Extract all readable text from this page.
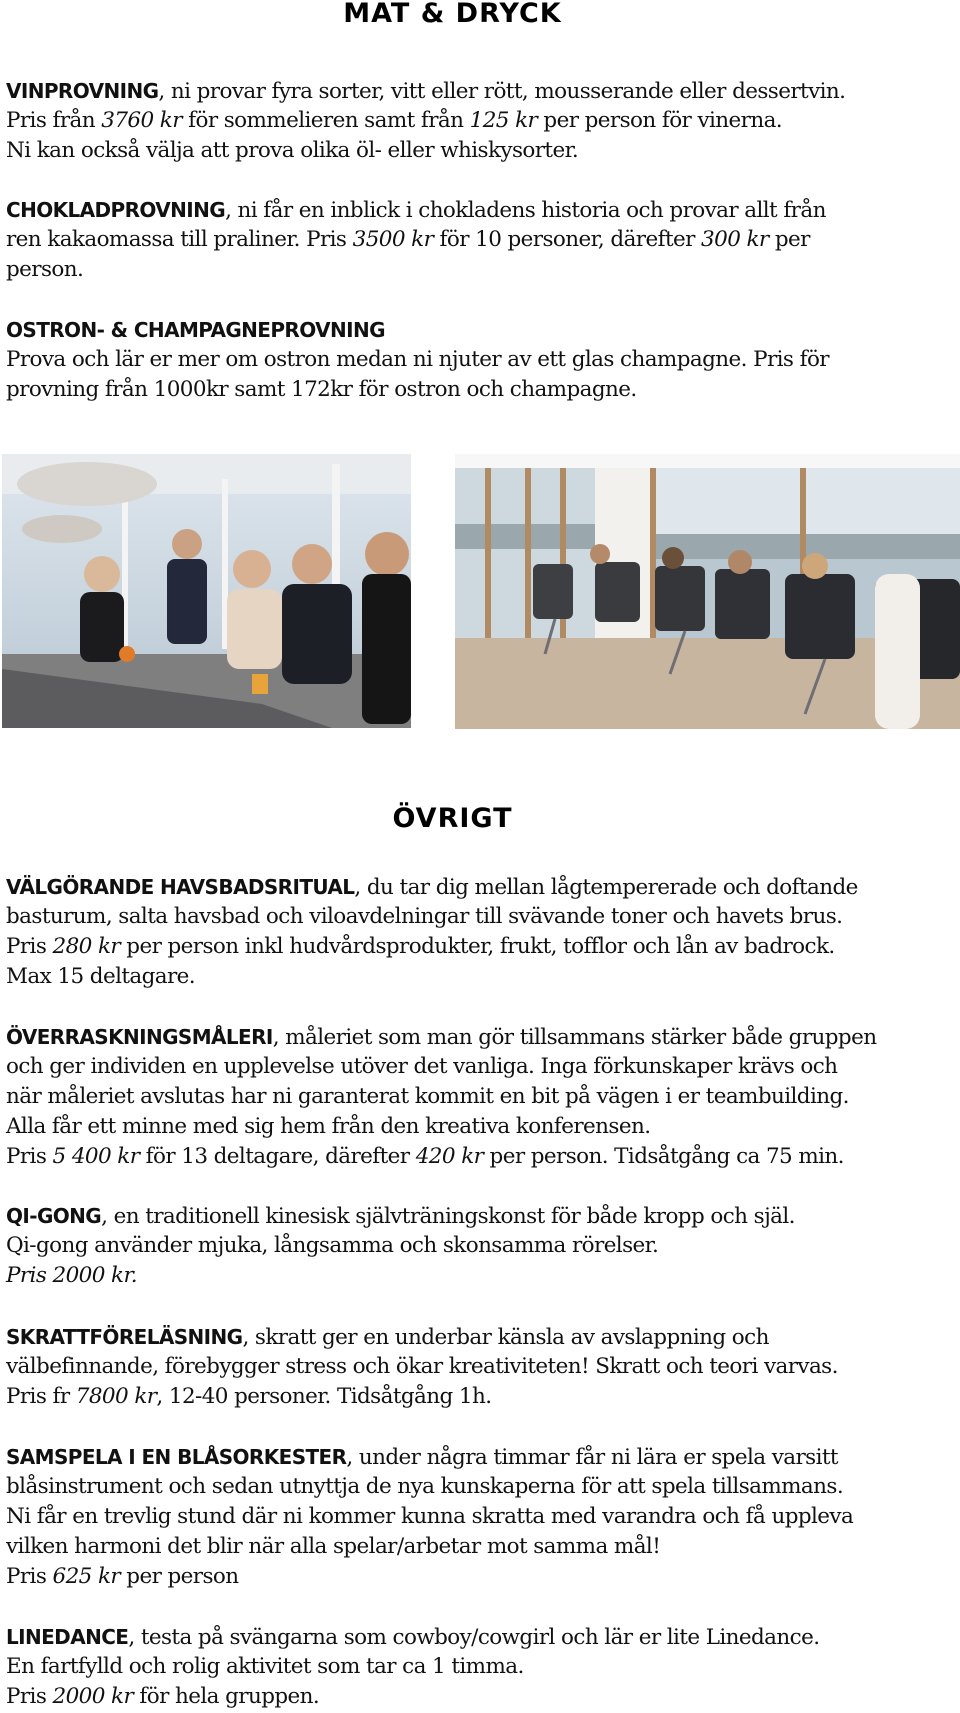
MAT & DRYCK
VINPROVNING, ni provar fyra sorter, vitt eller rött, mousserande eller dessertvin.
Pris från 3760 kr för sommelieren samt från 125 kr per person för vinerna.
Ni kan också välja att prova olika öl- eller whiskysorter.
CHOKLADPROVNING, ni får en inblick i chokladens historia och provar allt från
ren kakaomassa till praliner. Pris 3500 kr för 10 personer, därefter 300 kr per
person.
OSTRON- & CHAMPAGNEPROVNING
Prova och lär er mer om ostron medan ni njuter av ett glas champagne. Pris för
provning från 1000kr samt 172kr för ostron och champagne.
ÖVRIGT
VÄLGÖRANDE HAVSBADSRITUAL, du tar dig mellan lågtempererade och doftande
basturum, salta havsbad och viloavdelningar till svävande toner och havets brus.
Pris 280 kr per person inkl hudvårdsprodukter, frukt, tofflor och lån av badrock.
Max 15 deltagare.
ÖVERRASKNINGSMÅLERI, måleriet som man gör tillsammans stärker både gruppen
och ger individen en upplevelse utöver det vanliga. Inga förkunskaper krävs och
när måleriet avslutas har ni garanterat kommit en bit på vägen i er teambuilding.
Alla får ett minne med sig hem från den kreativa konferensen.
Pris 5 400 kr för 13 deltagare, därefter 420 kr per person. Tidsåtgång ca 75 min.
QI-GONG, en traditionell kinesisk självträningskonst för både kropp och själ.
Qi-gong använder mjuka, långsamma och skonsamma rörelser.
Pris 2000 kr.
SKRATTFÖRELÄSNING, skratt ger en underbar känsla av avslappning och
välbefinnande, förebygger stress och ökar kreativiteten! Skratt och teori varvas.
Pris fr 7800 kr, 12-40 personer. Tidsåtgång 1h.
SAMSPELA I EN BLÅSORKESTER, under några timmar får ni lära er spela varsitt
blåsinstrument och sedan utnyttja de nya kunskaperna för att spela tillsammans.
Ni får en trevlig stund där ni kommer kunna skratta med varandra och få uppleva
vilken harmoni det blir när alla spelar/arbetar mot samma mål!
Pris 625 kr per person
LINEDANCE, testa på svängarna som cowboy/cowgirl och lär er lite Linedance.
En fartfylld och rolig aktivitet som tar ca 1 timma.
Pris 2000 kr för hela gruppen.
